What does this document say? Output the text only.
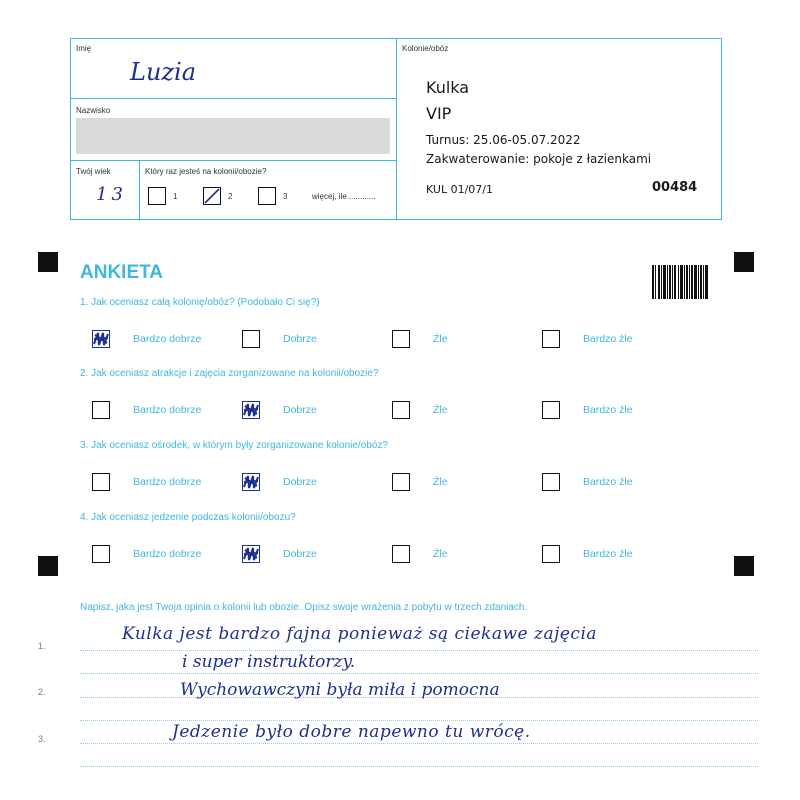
Imię
Luzia
Nazwisko
Twój wiek
13
Który raz jesteś na kolonii/obozie?
1	2	3	więcej, ile ............
Kolonie/obóz
Kulka
VIP
Turnus: 25.06-05.07.2022
Zakwaterowanie: pokoje z łazienkami
KUL 01/07/1	00484
ANKIETA
1. Jak oceniasz całą kolonię/obóz? (Podobało Ci się?)
Bardzo dobrze	Dobrze	Źle	Bardzo źle
2. Jak oceniasz atrakcje i zajęcia zorganizowane na kolonii/obozie?
Bardzo dobrze	Dobrze	Źle	Bardzo źle
3. Jak oceniasz ośrodek, w którym były zorganizowane kolonie/obóz?
Bardzo dobrze	Dobrze	Źle	Bardzo źle
4. Jak oceniasz jedzenie podczas kolonii/obozu?
Bardzo dobrze	Dobrze	Źle	Bardzo źle
Napisz, jaka jest Twoja opinia o kolonii lub obozie. Opisz swoje wrażenia z pobytu w trzech zdaniach.
1.
2.
3.
Kulka jest bardzo fajna ponieważ są ciekawe zajęcia
i super instruktorzy.
Wychowawczyni była miła i pomocna
Jedzenie było dobre napewno tu wrócę.
